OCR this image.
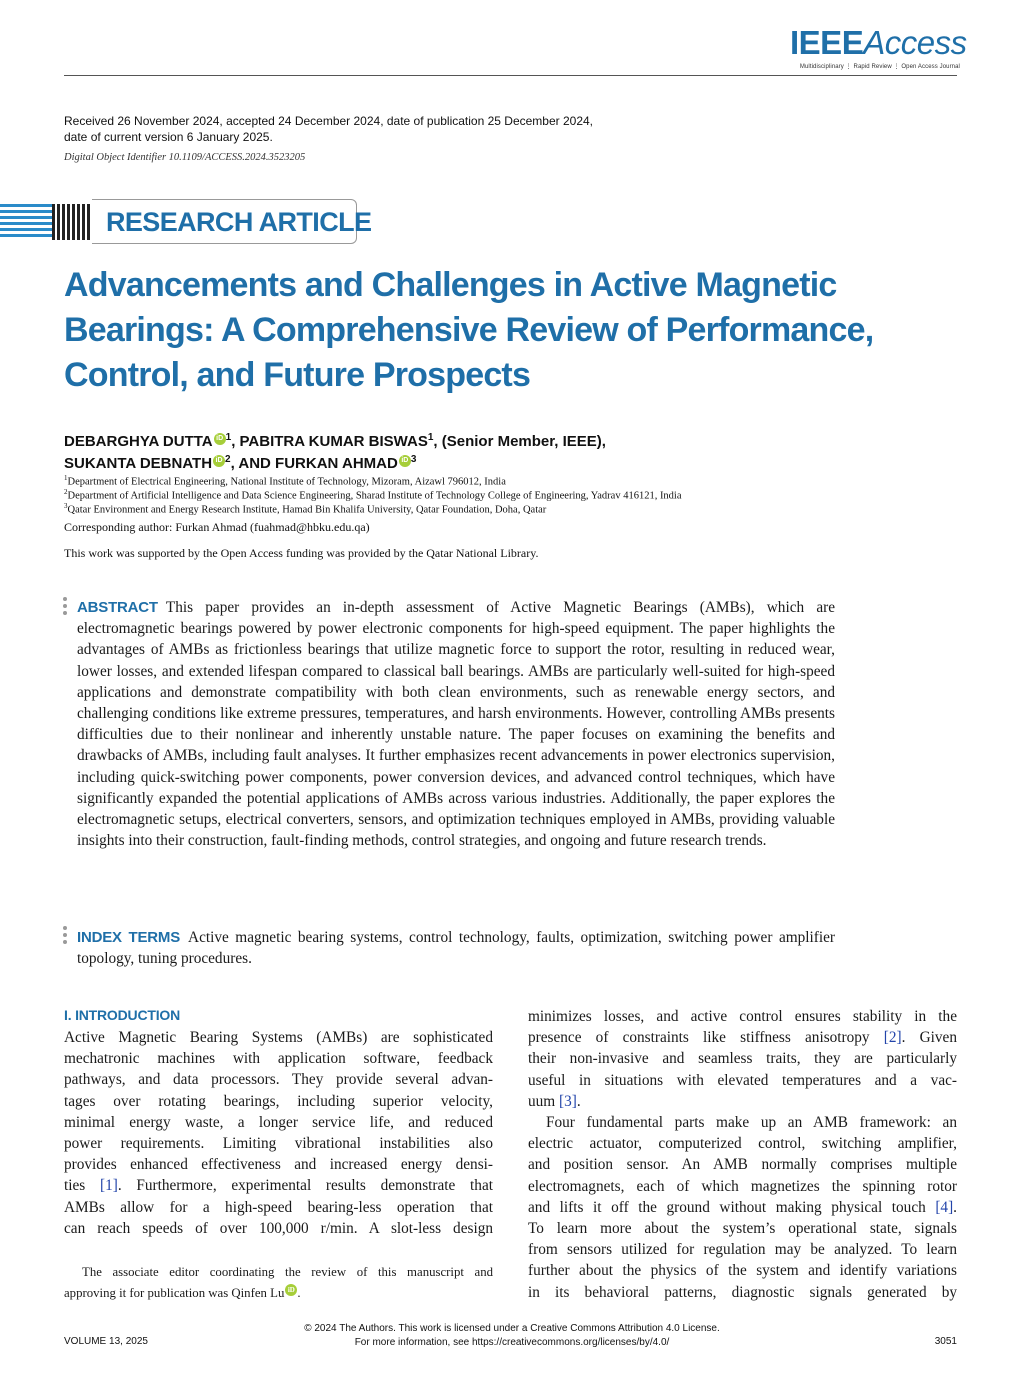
IEEEAccess
Multidisciplinary ⋮ Rapid Review ⋮ Open Access Journal
Received 26 November 2024, accepted 24 December 2024, date of publication 25 December 2024,
date of current version 6 January 2025.
Digital Object Identifier 10.1109/ACCESS.2024.3523205
RESEARCH ARTICLE
Advancements and Challenges in Active Magnetic Bearings: A Comprehensive Review of Performance, Control, and Future Prospects
DEBARGHYA DUTTA iD $^1$, PABITRA KUMAR BISWAS$^1$, (Senior Member, IEEE),
SUKANTA DEBNATH iD $^2$, AND FURKAN AHMAD iD $^3$
$^1$Department of Electrical Engineering, National Institute of Technology, Mizoram, Aizawl 796012, India
$^2$Department of Artificial Intelligence and Data Science Engineering, Sharad Institute of Technology College of Engineering, Yadrav 416121, India
$^3$Qatar Environment and Energy Research Institute, Hamad Bin Khalifa University, Qatar Foundation, Doha, Qatar
Corresponding author: Furkan Ahmad (fuahmad@hbku.edu.qa)
This work was supported by the Open Access funding was provided by the Qatar National Library.
ABSTRACT This paper provides an in-depth assessment of Active Magnetic Bearings (AMBs), which are electromagnetic bearings powered by power electronic components for high-speed equipment. The paper highlights the advantages of AMBs as frictionless bearings that utilize magnetic force to support the rotor, resulting in reduced wear, lower losses, and extended lifespan compared to classical ball bearings. AMBs are particularly well-suited for high-speed applications and demonstrate compatibility with both clean environments, such as renewable energy sectors, and challenging conditions like extreme pressures, temperatures, and harsh environments. However, controlling AMBs presents difficulties due to their nonlinear and inherently unstable nature. The paper focuses on examining the benefits and drawbacks of AMBs, including fault analyses. It further emphasizes recent advancements in power electronics supervision, including quick-switching power components, power conversion devices, and advanced control techniques, which have significantly expanded the potential applications of AMBs across various industries. Additionally, the paper explores the electromagnetic setups, electrical converters, sensors, and optimization techniques employed in AMBs, providing valuable insights into their construction, fault-finding methods, control strategies, and ongoing and future research trends.
INDEX TERMS Active magnetic bearing systems, control technology, faults, optimization, switching power amplifier topology, tuning procedures.
I. INTRODUCTION
Active Magnetic Bearing Systems (AMBs) are sophisticated
mechatronic machines with application software, feedback
pathways, and data processors. They provide several advan-
tages over rotating bearings, including superior velocity,
minimal energy waste, a longer service life, and reduced
power requirements. Limiting vibrational instabilities also
provides enhanced effectiveness and increased energy densi-
ties [1]. Furthermore, experimental results demonstrate that
AMBs allow for a high-speed bearing-less operation that
can reach speeds of over 100,000 r/min. A slot-less design
minimizes losses, and active control ensures stability in the
presence of constraints like stiffness anisotropy [2]. Given
their non-invasive and seamless traits, they are particularly
useful in situations with elevated temperatures and a vac-
uum [3].
Four fundamental parts make up an AMB framework: an
electric actuator, computerized control, switching amplifier,
and position sensor. An AMB normally comprises multiple
electromagnets, each of which magnetizes the spinning rotor
and lifts it off the ground without making physical touch [4].
To learn more about the system’s operational state, signals
from sensors utilized for regulation may be analyzed. To learn
further about the physics of the system and identify variations
in its behavioral patterns, diagnostic signals generated by
The associate editor coordinating the review of this manuscript and
approving it for publication was Qinfen Lu iD .
VOLUME 13, 2025
© 2024 The Authors. This work is licensed under a Creative Commons Attribution 4.0 License.
For more information, see https://creativecommons.org/licenses/by/4.0/	3051
